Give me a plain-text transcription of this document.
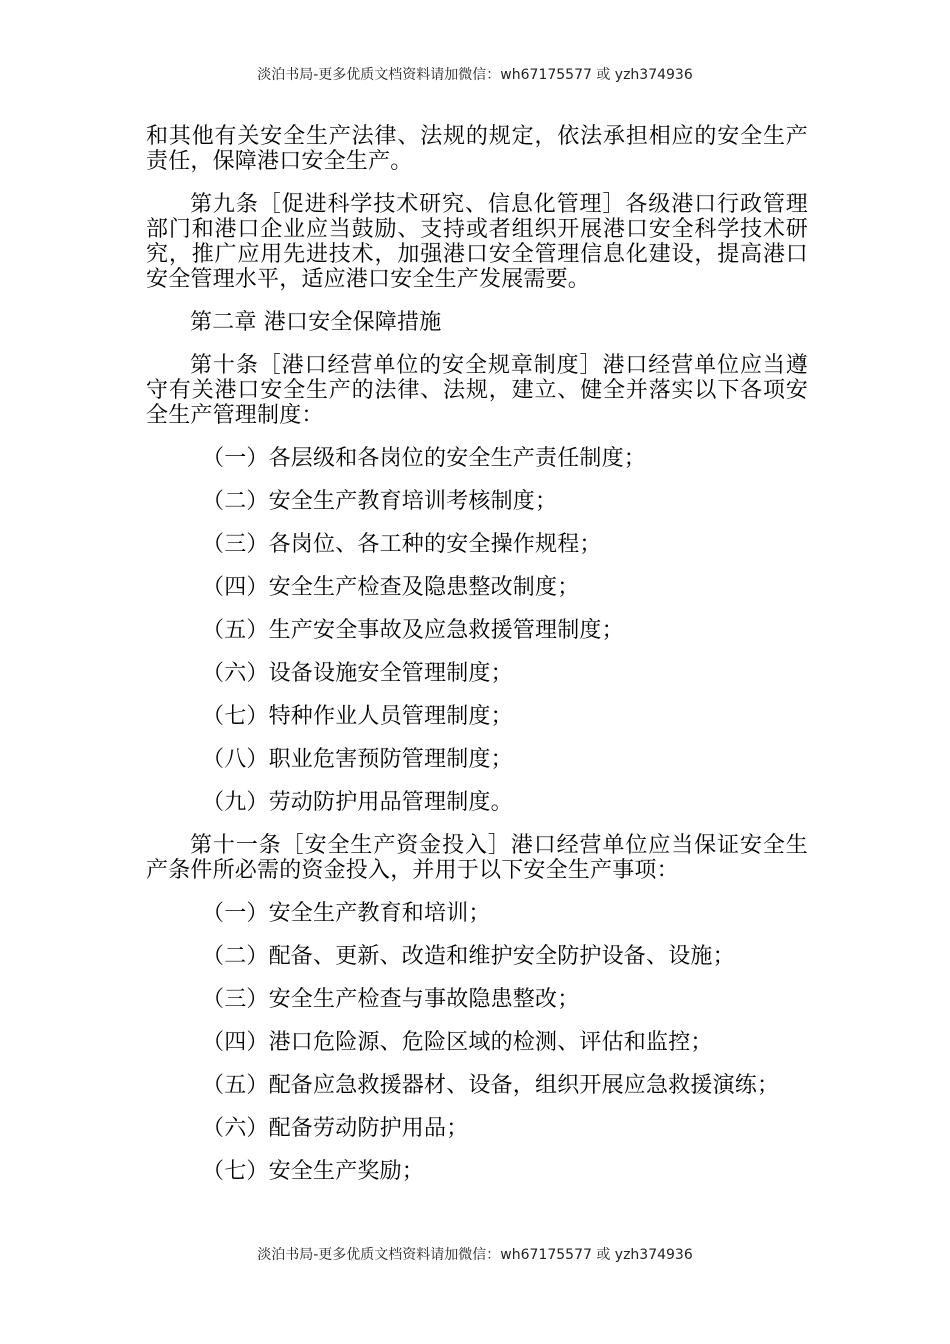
淡泊书局-更多优质文档资料请加微信：wh67175577 或 yzh374936

和其他有关安全生产法律、法规的规定，依法承担相应的安全生产责任，保障港口安全生产。

第九条［促进科学技术研究、信息化管理］各级港口行政管理部门和港口企业应当鼓励、支持或者组织开展港口安全科学技术研究，推广应用先进技术，加强港口安全管理信息化建设，提高港口安全管理水平，适应港口安全生产发展需要。

第二章 港口安全保障措施

第十条［港口经营单位的安全规章制度］港口经营单位应当遵守有关港口安全生产的法律、法规，建立、健全并落实以下各项安全生产管理制度：

（一）各层级和各岗位的安全生产责任制度；

（二）安全生产教育培训考核制度；

（三）各岗位、各工种的安全操作规程；

（四）安全生产检查及隐患整改制度；

（五）生产安全事故及应急救援管理制度；

（六）设备设施安全管理制度；

（七）特种作业人员管理制度；

（八）职业危害预防管理制度；

（九）劳动防护用品管理制度。

第十一条［安全生产资金投入］港口经营单位应当保证安全生产条件所必需的资金投入，并用于以下安全生产事项：

（一）安全生产教育和培训；

（二）配备、更新、改造和维护安全防护设备、设施；

（三）安全生产检查与事故隐患整改；

（四）港口危险源、危险区域的检测、评估和监控；

（五）配备应急救援器材、设备，组织开展应急救援演练；

（六）配备劳动防护用品；

（七）安全生产奖励；

淡泊书局-更多优质文档资料请加微信：wh67175577 或 yzh374936
